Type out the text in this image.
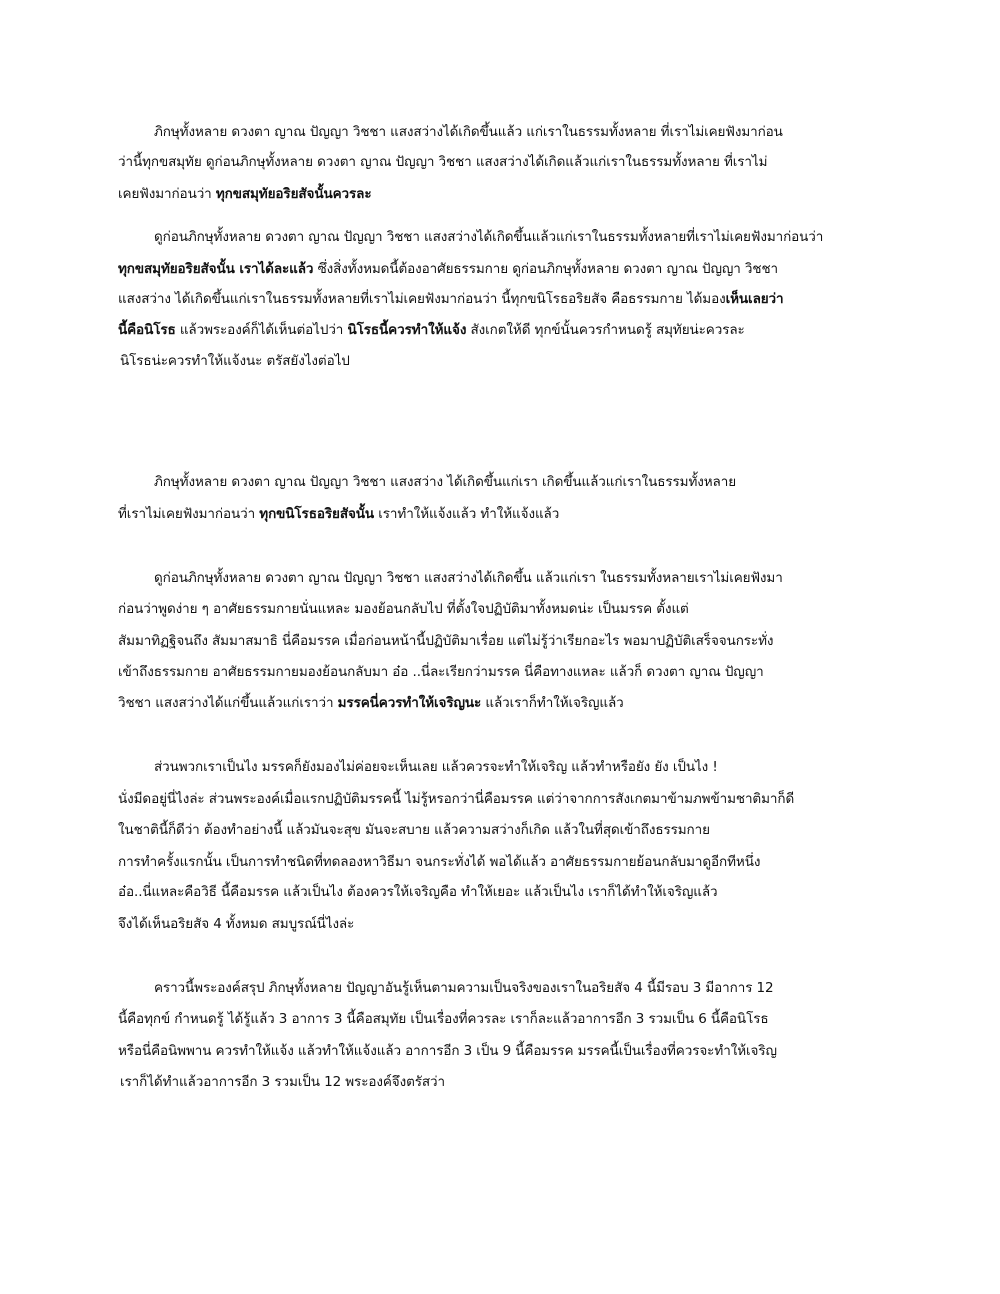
ภิกษุทั้งหลาย ดวงตา ญาณ ปัญญา วิชชา แสงสว่างได้เกิดขึ้นแล้ว แก่เราในธรรมทั้งหลาย ที่เราไม่เคยฟังมาก่อน
ว่านี้ทุกขสมุทัย ดูก่อนภิกษุทั้งหลาย ดวงตา ญาณ ปัญญา วิชชา แสงสว่างได้เกิดแล้วแก่เราในธรรมทั้งหลาย ที่เราไม่
เคยฟังมาก่อนว่า ทุกขสมุทัยอริยสัจนั้นควรละ
ดูก่อนภิกษุทั้งหลาย ดวงตา ญาณ ปัญญา วิชชา แสงสว่างได้เกิดขึ้นแล้วแก่เราในธรรมทั้งหลายที่เราไม่เคยฟังมาก่อนว่า
ทุกขสมุทัยอริยสัจนั้น เราได้ละแล้ว ซึ่งสิ่งทั้งหมดนี้ต้องอาศัยธรรมกาย ดูก่อนภิกษุทั้งหลาย ดวงตา ญาณ ปัญญา วิชชา
แสงสว่าง ได้เกิดขึ้นแก่เราในธรรมทั้งหลายที่เราไม่เคยฟังมาก่อนว่า นี้ทุกขนิโรธอริยสัจ คือธรรมกาย ได้มองเห็นเลยว่า
นี้คือนิโรธ แล้วพระองค์ก็ได้เห็นต่อไปว่า นิโรธนี้ควรทำให้แจ้ง สังเกตให้ดี ทุกข์นั้นควรกำหนดรู้ สมุทัยน่ะควรละ
นิโรธน่ะควรทำให้แจ้งนะ ตรัสยังไงต่อไป
ภิกษุทั้งหลาย ดวงตา ญาณ ปัญญา วิชชา แสงสว่าง ได้เกิดขึ้นแก่เรา เกิดขึ้นแล้วแก่เราในธรรมทั้งหลาย
ที่เราไม่เคยฟังมาก่อนว่า ทุกขนิโรธอริยสัจนั้น เราทำให้แจ้งแล้ว ทำให้แจ้งแล้ว
ดูก่อนภิกษุทั้งหลาย ดวงตา ญาณ ปัญญา วิชชา แสงสว่างได้เกิดขึ้น แล้วแก่เรา ในธรรมทั้งหลายเราไม่เคยฟังมา
ก่อนว่าพูดง่าย ๆ อาศัยธรรมกายนั่นแหละ มองย้อนกลับไป ที่ตั้งใจปฏิบัติมาทั้งหมดน่ะ เป็นมรรค ตั้งแต่
สัมมาทิฏฐิจนถึง สัมมาสมาธิ นี่คือมรรค เมื่อก่อนหน้านี้ปฏิบัติมาเรื่อย แต่ไม่รู้ว่าเรียกอะไร พอมาปฏิบัติเสร็จจนกระทั่ง
เข้าถึงธรรมกาย อาศัยธรรมกายมองย้อนกลับมา อ๋อ ..นี่ละเรียกว่ามรรค นี่คือทางแหละ แล้วก็ ดวงตา ญาณ ปัญญา
วิชชา แสงสว่างได้แก่ขึ้นแล้วแก่เราว่า มรรคนี่ควรทำให้เจริญนะ แล้วเราก็ทำให้เจริญแล้ว
ส่วนพวกเราเป็นไง มรรคก็ยังมองไม่ค่อยจะเห็นเลย แล้วควรจะทำให้เจริญ แล้วทำหรือยัง ยัง เป็นไง !
นั่งมีดอยู่นี่ไงล่ะ ส่วนพระองค์เมื่อแรกปฏิบัติมรรคนี้ ไม่รู้หรอกว่านี่คือมรรค แต่ว่าจากการสังเกตมาข้ามภพข้ามชาติมาก็ดี
ในชาตินี้ก็ดีว่า ต้องทำอย่างนี้ แล้วมันจะสุข มันจะสบาย แล้วความสว่างก็เกิด แล้วในที่สุดเข้าถึงธรรมกาย
การทำครั้งแรกนั้น เป็นการทำชนิดที่ทดลองหาวิธีมา จนกระทั่งได้ พอได้แล้ว อาศัยธรรมกายย้อนกลับมาดูอีกทีหนึ่ง
อ๋อ..นี่แหละคือวิธี นี้คือมรรค แล้วเป็นไง ต้องควรให้เจริญคือ ทำให้เยอะ แล้วเป็นไง เราก็ได้ทำให้เจริญแล้ว
จึงได้เห็นอริยสัจ 4 ทั้งหมด สมบูรณ์นี่ไงล่ะ
คราวนี้พระองค์สรุป ภิกษุทั้งหลาย ปัญญาอันรู้เห็นตามความเป็นจริงของเราในอริยสัจ 4 นี้มีรอบ 3 มีอาการ 12
นี้คือทุกข์ กำหนดรู้ ได้รู้แล้ว 3 อาการ 3 นี้คือสมุทัย เป็นเรื่องที่ควรละ เราก็ละแล้วอาการอีก 3 รวมเป็น 6 นี้คือนิโรธ
หรือนี่คือนิพพาน ควรทำให้แจ้ง แล้วทำให้แจ้งแล้ว อาการอีก 3 เป็น 9 นี้คือมรรค มรรคนี้เป็นเรื่องที่ควรจะทำให้เจริญ
เราก็ได้ทำแล้วอาการอีก 3 รวมเป็น 12 พระองค์จึงตรัสว่า
